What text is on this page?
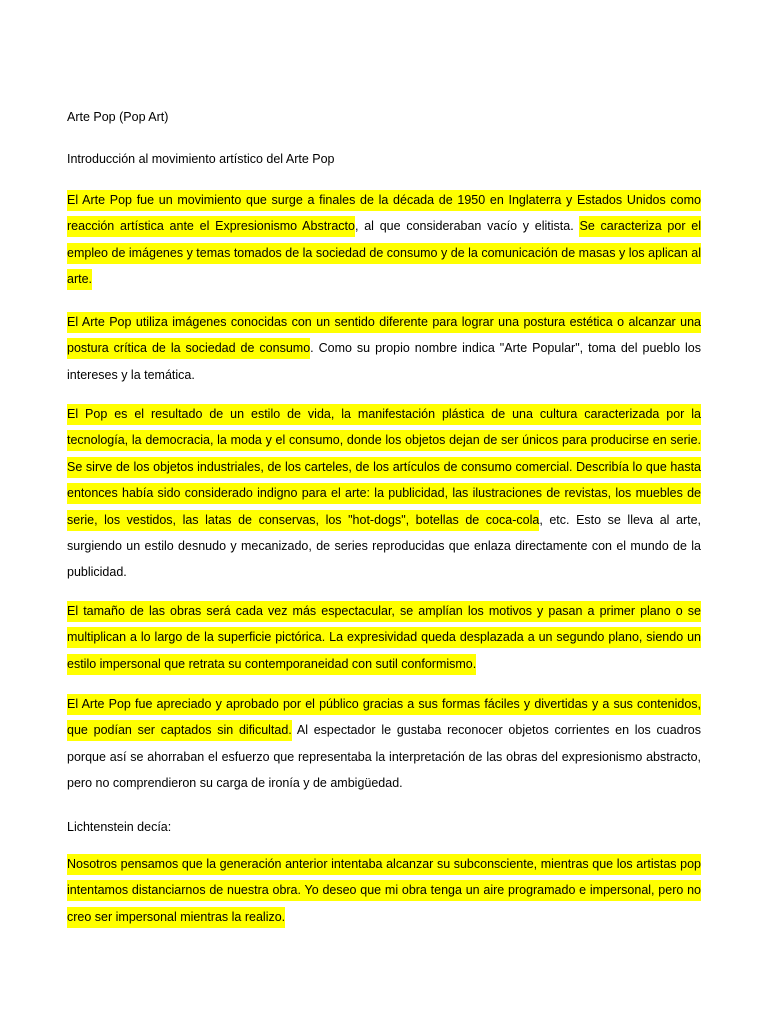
Arte Pop (Pop Art)
Introducción al movimiento artístico del Arte Pop

El Arte Pop fue un movimiento que surge a finales de la década de 1950 en Inglaterra y Estados Unidos como reacción artística ante el Expresionismo Abstracto, al que consideraban vacío y elitista. Se caracteriza por el empleo de imágenes y temas tomados de la sociedad de consumo y de la comunicación de masas y los aplican al arte.

El Arte Pop utiliza imágenes conocidas con un sentido diferente para lograr una postura estética o alcanzar una postura crítica de la sociedad de consumo. Como su propio nombre indica "Arte Popular", toma del pueblo los intereses y la temática.

El Pop es el resultado de un estilo de vida, la manifestación plástica de una cultura caracterizada por la tecnología, la democracia, la moda y el consumo, donde los objetos dejan de ser únicos para producirse en serie. Se sirve de los objetos industriales, de los carteles, de los artículos de consumo comercial. Describía lo que hasta entonces había sido considerado indigno para el arte: la publicidad, las ilustraciones de revistas, los muebles de serie, los vestidos, las latas de conservas, los "hot-dogs", botellas de coca-cola, etc. Esto se lleva al arte, surgiendo un estilo desnudo y mecanizado, de series reproducidas que enlaza directamente con el mundo de la publicidad.

El tamaño de las obras será cada vez más espectacular, se amplían los motivos y pasan a primer plano o se multiplican a lo largo de la superficie pictórica. La expresividad queda desplazada a un segundo plano, siendo un estilo impersonal que retrata su contemporaneidad con sutil conformismo.

El Arte Pop fue apreciado y aprobado por el público gracias a sus formas fáciles y divertidas y a sus contenidos, que podían ser captados sin dificultad. Al espectador le gustaba reconocer objetos corrientes en los cuadros porque así se ahorraban el esfuerzo que representaba la interpretación de las obras del expresionismo abstracto, pero no comprendieron su carga de ironía y de ambigüedad.

Lichtenstein decía:

Nosotros pensamos que la generación anterior intentaba alcanzar su subconsciente, mientras que los artistas pop intentamos distanciarnos de nuestra obra. Yo deseo que mi obra tenga un aire programado e impersonal, pero no creo ser impersonal mientras la realizo.
